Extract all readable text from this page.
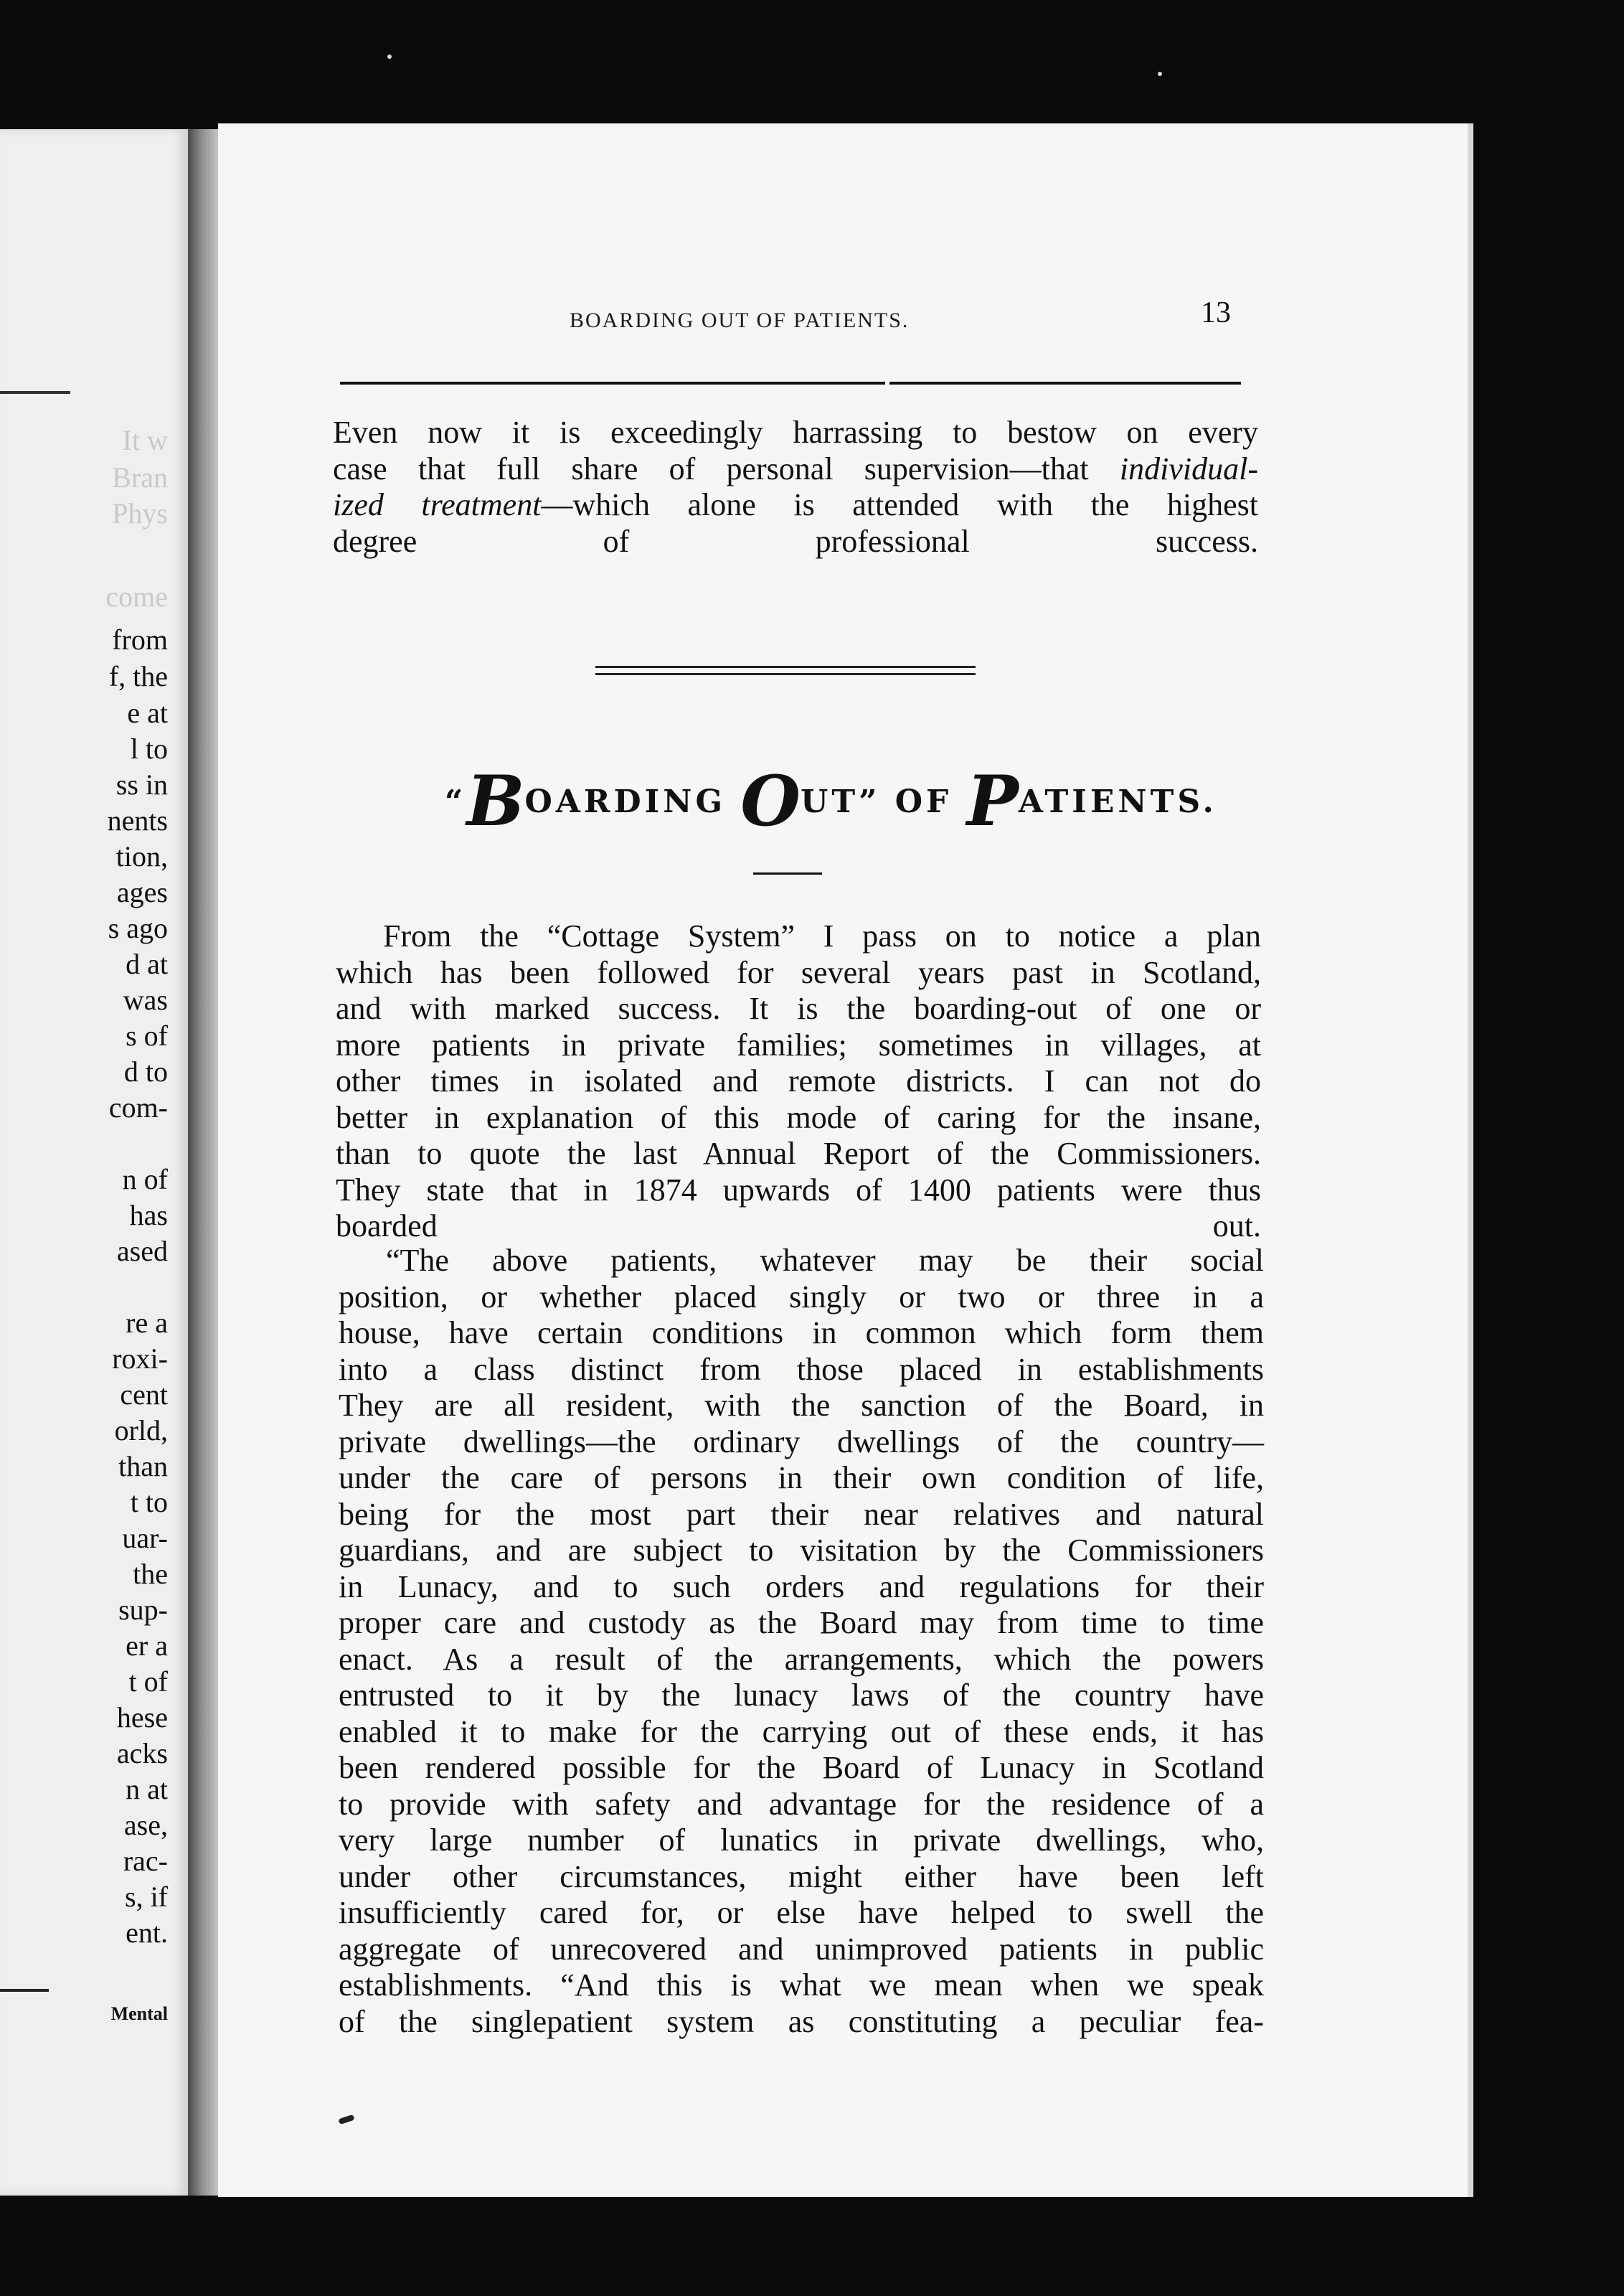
It w

Bran

Phys

come

from

f, the

e at

l to

ss in

nents

tion,

ages

s ago

d at

was

s of

d to

com-

n of

has

ased

re a

roxi-

cent

orld,

than

t to

uar-

the

sup-

er a

t of

hese

acks

n at

ase,

rac-

s, if

ent.

Mental

BOARDING OUT OF PATIENTS.	13

Even now it is exceedingly harrassing to bestow on every
case that full share of personal supervision—that individual-
ized treatment—which alone is attended with the highest
degree of professional success.

“BOARDING OUT” OF PATIENTS.

From the “Cottage System” I pass on to notice a plan
which has been followed for several years past in Scotland,
and with marked success. It is the boarding-out of one or
more patients in private families; sometimes in villages, at
other times in isolated and remote districts. I can not do
better in explanation of this mode of caring for the insane,
than to quote the last Annual Report of the Commissioners.
They state that in 1874 upwards of 1400 patients were thus
boarded out.

“The above patients, whatever may be their social
position, or whether placed singly or two or three in a
house, have certain conditions in common which form them
into a class distinct from those placed in establishments
They are all resident, with the sanction of the Board, in
private dwellings—the ordinary dwellings of the country—
under the care of persons in their own condition of life,
being for the most part their near relatives and natural
guardians, and are subject to visitation by the Commissioners
in Lunacy, and to such orders and regulations for their
proper care and custody as the Board may from time to time
enact. As a result of the arrangements, which the powers
entrusted to it by the lunacy laws of the country have
enabled it to make for the carrying out of these ends, it has
been rendered possible for the Board of Lunacy in Scotland
to provide with safety and advantage for the residence of a
very large number of lunatics in private dwellings, who,
under other circumstances, might either have been left
insufficiently cared for, or else have helped to swell the
aggregate of unrecovered and unimproved patients in public
establishments. “And this is what we mean when we speak
of the singlepatient system as constituting a peculiar fea-
